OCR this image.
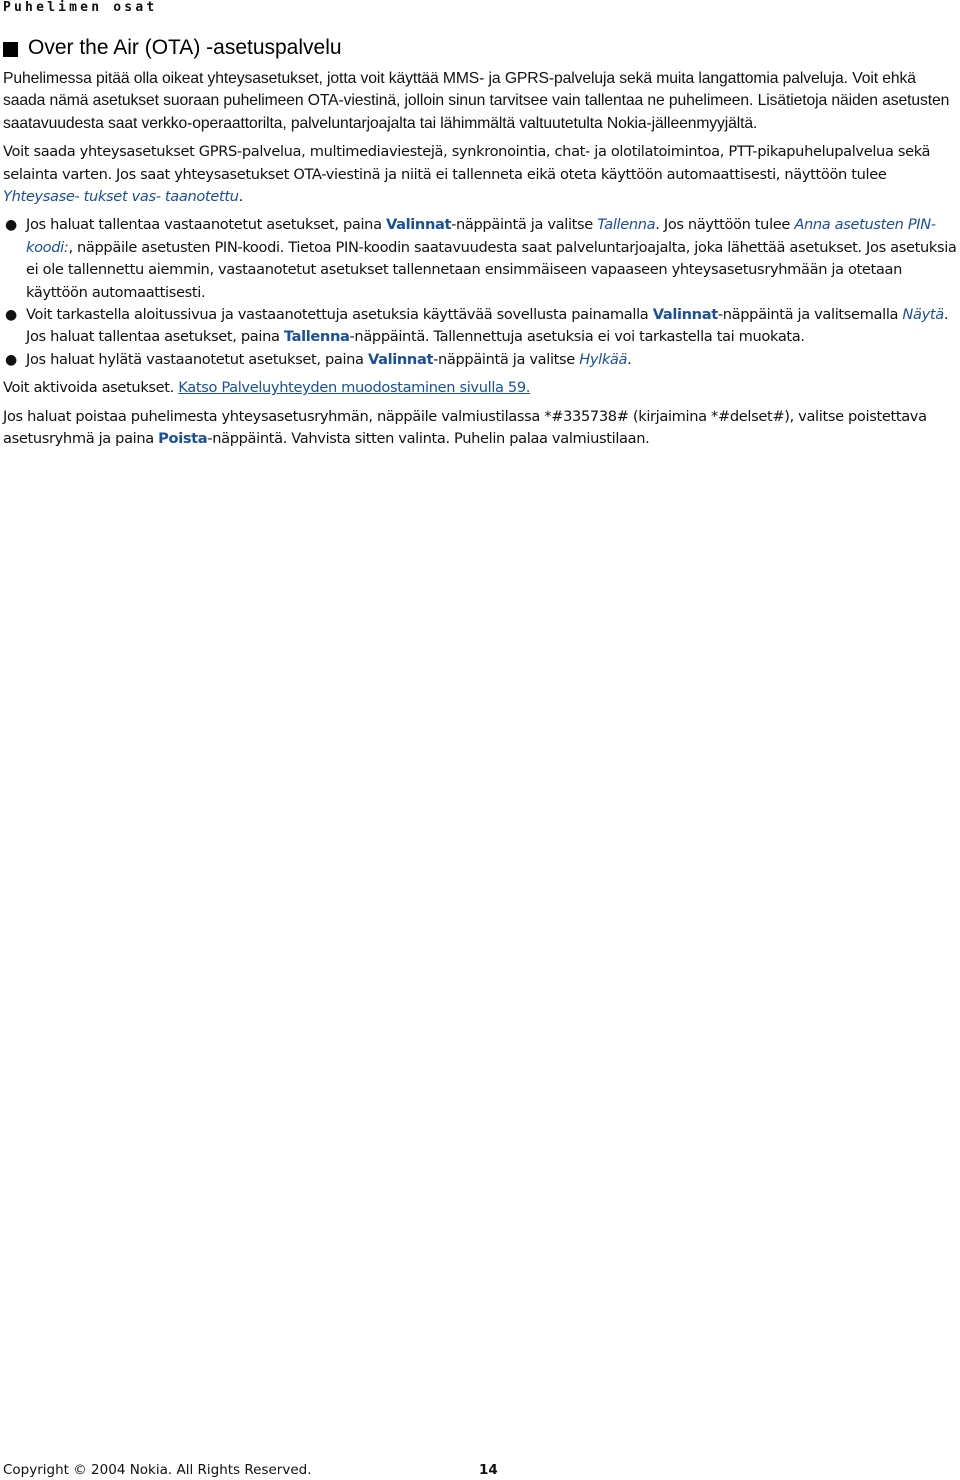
Puhelimen osat
Over the Air (OTA) -asetuspalvelu

Puhelimessa pitää olla oikeat yhteysasetukset, jotta voit käyttää MMS- ja GPRS-palveluja sekä muita langattomia palveluja. Voit ehkä saada nämä asetukset suoraan puhelimeen OTA-viestinä, jolloin sinun tarvitsee vain tallentaa ne puhelimeen. Lisätietoja näiden asetusten saatavuudesta saat verkko-operaattorilta, palveluntarjoajalta tai lähimmältä valtuutetulta Nokia-jälleenmyyjältä.

Voit saada yhteysasetukset GPRS-palvelua, multimediaviestejä, synkronointia, chat- ja olotilatoimintoa, PTT-pikapuhelupalvelua sekä selainta varten. Jos saat yhteysasetukset OTA-viestinä ja niitä ei tallenneta eikä oteta käyttöön automaattisesti, näyttöön tulee Yhteysase- tukset vas- taanotettu.

● Jos haluat tallentaa vastaanotetut asetukset, paina Valinnat-näppäintä ja valitse Tallenna. Jos näyttöön tulee Anna asetusten PIN-koodi:, näppäile asetusten PIN-koodi. Tietoa PIN-koodin saatavuudesta saat palveluntarjoajalta, joka lähettää asetukset. Jos asetuksia ei ole tallennettu aiemmin, vastaanotetut asetukset tallennetaan ensimmäiseen vapaaseen yhteysasetusryhmään ja otetaan käyttöön automaattisesti.
● Voit tarkastella aloitussivua ja vastaanotettuja asetuksia käyttävää sovellusta painamalla Valinnat-näppäintä ja valitsemalla Näytä. Jos haluat tallentaa asetukset, paina Tallenna-näppäintä. Tallennettuja asetuksia ei voi tarkastella tai muokata.
● Jos haluat hylätä vastaanotetut asetukset, paina Valinnat-näppäintä ja valitse Hylkää.

Voit aktivoida asetukset. Katso Palveluyhteyden muodostaminen sivulla 59.

Jos haluat poistaa puhelimesta yhteysasetusryhmän, näppäile valmiustilassa *#335738# (kirjaimina *#delset#), valitse poistettava asetusryhmä ja paina Poista-näppäintä. Vahvista sitten valinta. Puhelin palaa valmiustilaan.

Copyright © 2004 Nokia. All Rights Reserved.	14
